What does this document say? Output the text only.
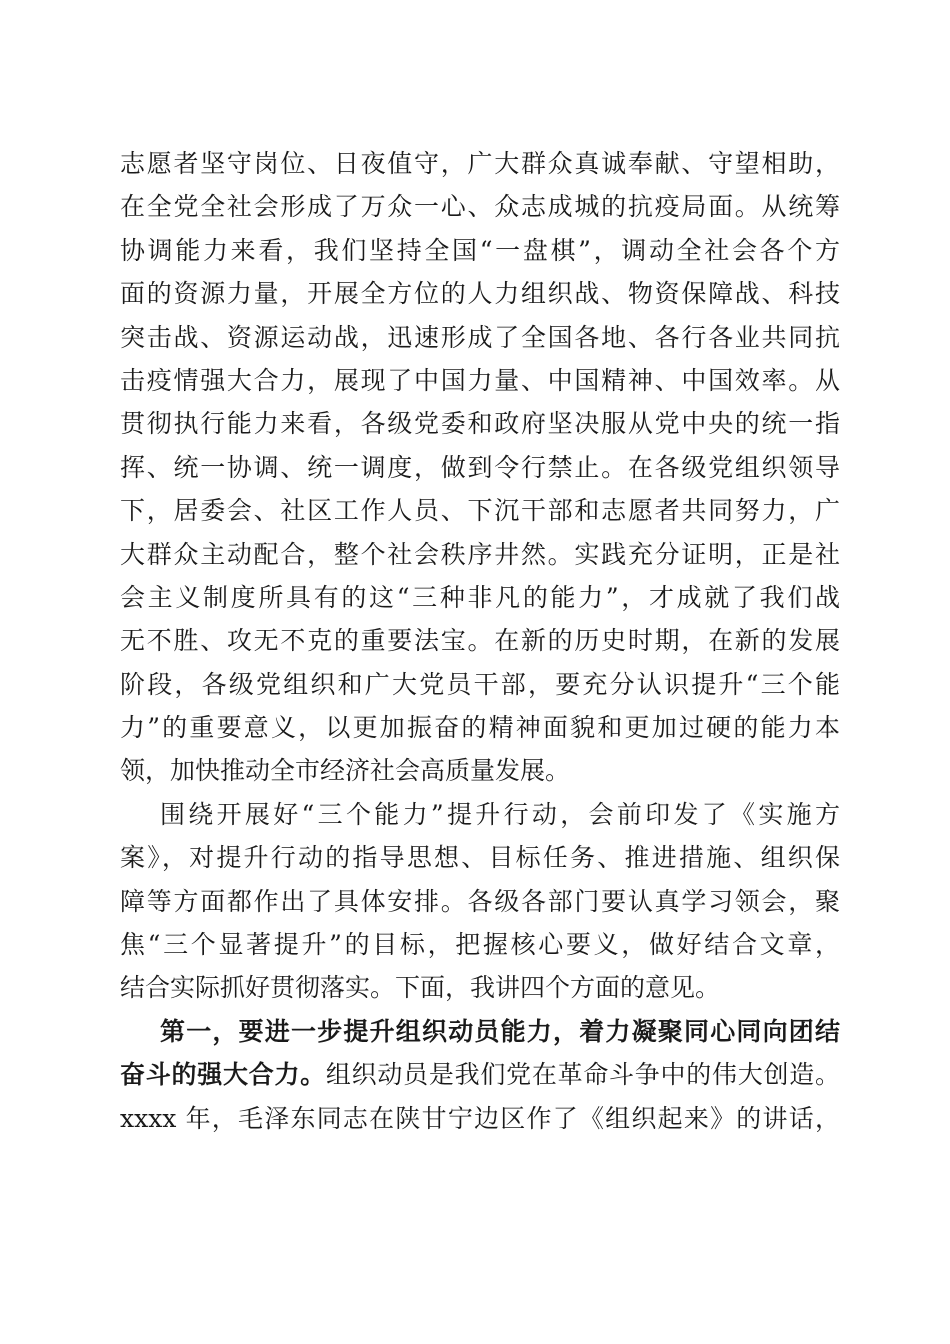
志愿者坚守岗位、日夜值守，广大群众真诚奉献、守望相助，
在全党全社会形成了万众一心、众志成城的抗疫局面。从统筹
协调能力来看，我们坚持全国“一盘棋”，调动全社会各个方
面的资源力量，开展全方位的人力组织战、物资保障战、科技
突击战、资源运动战，迅速形成了全国各地、各行各业共同抗
击疫情强大合力，展现了中国力量、中国精神、中国效率。从
贯彻执行能力来看，各级党委和政府坚决服从党中央的统一指
挥、统一协调、统一调度，做到令行禁止。在各级党组织领导
下，居委会、社区工作人员、下沉干部和志愿者共同努力，广
大群众主动配合，整个社会秩序井然。实践充分证明，正是社
会主义制度所具有的这“三种非凡的能力”，才成就了我们战
无不胜、攻无不克的重要法宝。在新的历史时期，在新的发展
阶段，各级党组织和广大党员干部，要充分认识提升“三个能
力”的重要意义，以更加振奋的精神面貌和更加过硬的能力本
领，加快推动全市经济社会高质量发展。
围绕开展好“三个能力”提升行动，会前印发了《实施方
案》，对提升行动的指导思想、目标任务、推进措施、组织保
障等方面都作出了具体安排。各级各部门要认真学习领会，聚
焦“三个显著提升”的目标，把握核心要义，做好结合文章，
结合实际抓好贯彻落实。下面，我讲四个方面的意见。
第一，要进一步提升组织动员能力，着力凝聚同心同向团结
奋斗的强大合力。组织动员是我们党在革命斗争中的伟大创造。
xxxx 年，毛泽东同志在陕甘宁边区作了《组织起来》的讲话，
